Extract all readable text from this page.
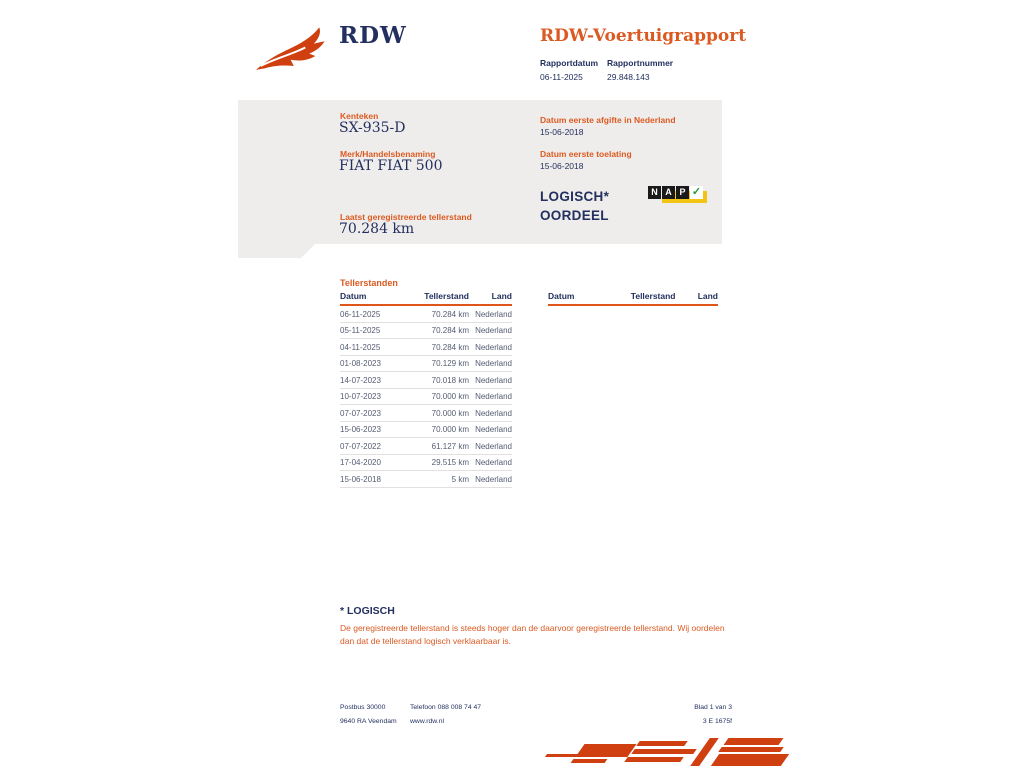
RDW	RDW-Voertuigrapport
Rapportdatum
06-11-2025
Rapportnummer
29.848.143
Kenteken
SX-935-D
Merk/Handelsbenaming
FIAT FIAT 500
Laatst geregistreerde tellerstand
70.284 km
Datum eerste afgifte in Nederland
15-06-2018
Datum eerste toelating
15-06-2018
LOGISCH*
OORDEEL
N A P ✓
Tellerstanden
Datum	Tellerstand	Land
06-11-2025	70.284 km Nederland
05-11-2025	70.284 km Nederland
04-11-2025	70.284 km Nederland
01-08-2023	70.129 km Nederland
14-07-2023	70.018 km Nederland
10-07-2023	70.000 km Nederland
07-07-2023	70.000 km Nederland
15-06-2023	70.000 km Nederland
07-07-2022	61.127 km Nederland
17-04-2020	29.515 km Nederland
15-06-2018	5 km Nederland
Datum	Tellerstand	Land
* LOGISCH
De geregistreerde tellerstand is steeds hoger dan de daarvoor geregistreerde tellerstand. Wij oordelen dan dat de tellerstand logisch verklaarbaar is.
Postbus 30000
9640 RA Veendam
Telefoon 088 008 74 47
www.rdw.nl
Blad 1 van 3
3 E 1675f
